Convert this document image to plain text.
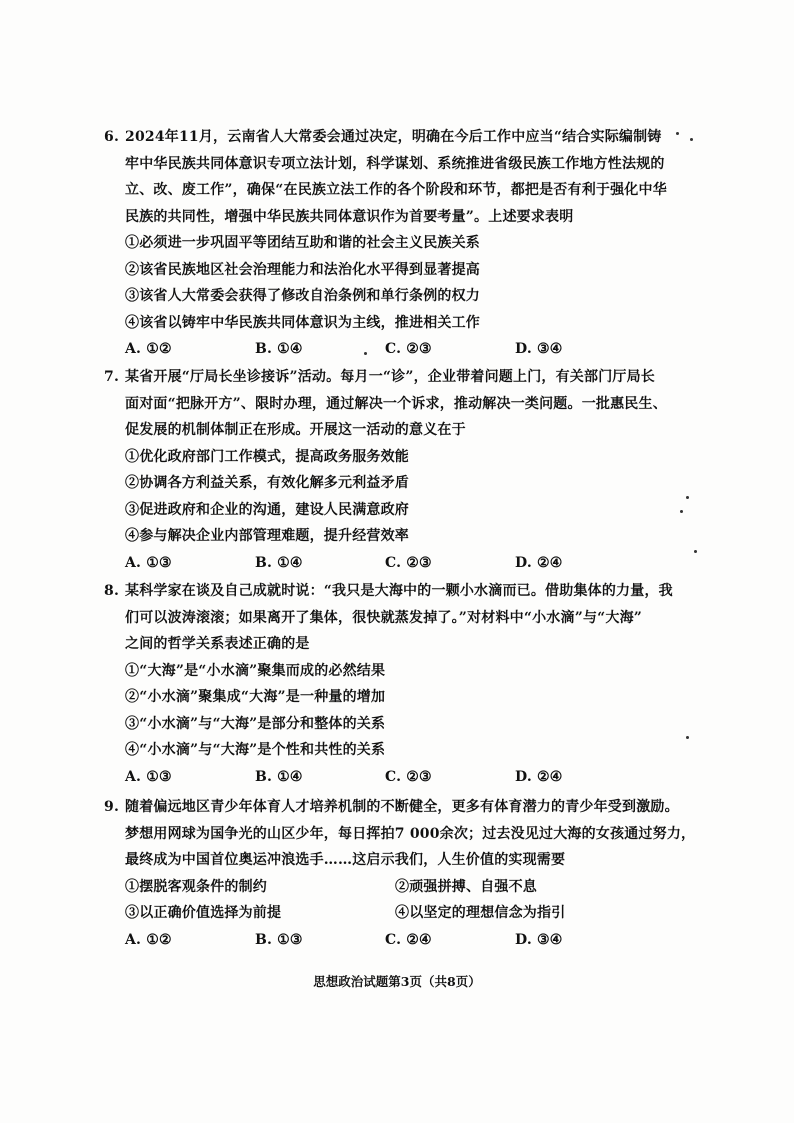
6. 2024年11月，云南省人大常委会通过决定，明确在今后工作中应当“结合实际编制铸
牢中华民族共同体意识专项立法计划，科学谋划、系统推进省级民族工作地方性法规的
立、改、废工作”，确保“在民族立法工作的各个阶段和环节，都把是否有利于强化中华
民族的共同性，增强中华民族共同体意识作为首要考量”。上述要求表明
①必须进一步巩固平等团结互助和谐的社会主义民族关系
②该省民族地区社会治理能力和法治化水平得到显著提高
③该省人大常委会获得了修改自治条例和单行条例的权力
④该省以铸牢中华民族共同体意识为主线，推进相关工作
A. ①②	B. ①④	C. ②③	D. ③④
7. 某省开展“厅局长坐诊接诉”活动。每月一“诊”，企业带着问题上门，有关部门厅局长
面对面“把脉开方”、限时办理，通过解决一个诉求，推动解决一类问题。一批惠民生、
促发展的机制体制正在形成。开展这一活动的意义在于
①优化政府部门工作模式，提高政务服务效能
②协调各方利益关系，有效化解多元利益矛盾
③促进政府和企业的沟通，建设人民满意政府
④参与解决企业内部管理难题，提升经营效率
A. ①③	B. ①④	C. ②③	D. ②④
8. 某科学家在谈及自己成就时说：“我只是大海中的一颗小水滴而已。借助集体的力量，我
们可以波涛滚滚；如果离开了集体，很快就蒸发掉了。”对材料中“小水滴”与“大海”
之间的哲学关系表述正确的是
①“大海”是“小水滴”聚集而成的必然结果
②“小水滴”聚集成“大海”是一种量的增加
③“小水滴”与“大海”是部分和整体的关系
④“小水滴”与“大海”是个性和共性的关系
A. ①③	B. ①④	C. ②③	D. ②④
9. 随着偏远地区青少年体育人才培养机制的不断健全，更多有体育潜力的青少年受到激励。
梦想用网球为国争光的山区少年，每日挥拍7 000余次；过去没见过大海的女孩通过努力，
最终成为中国首位奥运冲浪选手……这启示我们，人生价值的实现需要
①摆脱客观条件的制约	②顽强拼搏、自强不息
③以正确价值选择为前提	④以坚定的理想信念为指引
A. ①②	B. ①③	C. ②④	D. ③④
思想政治试题第3页（共8页）
